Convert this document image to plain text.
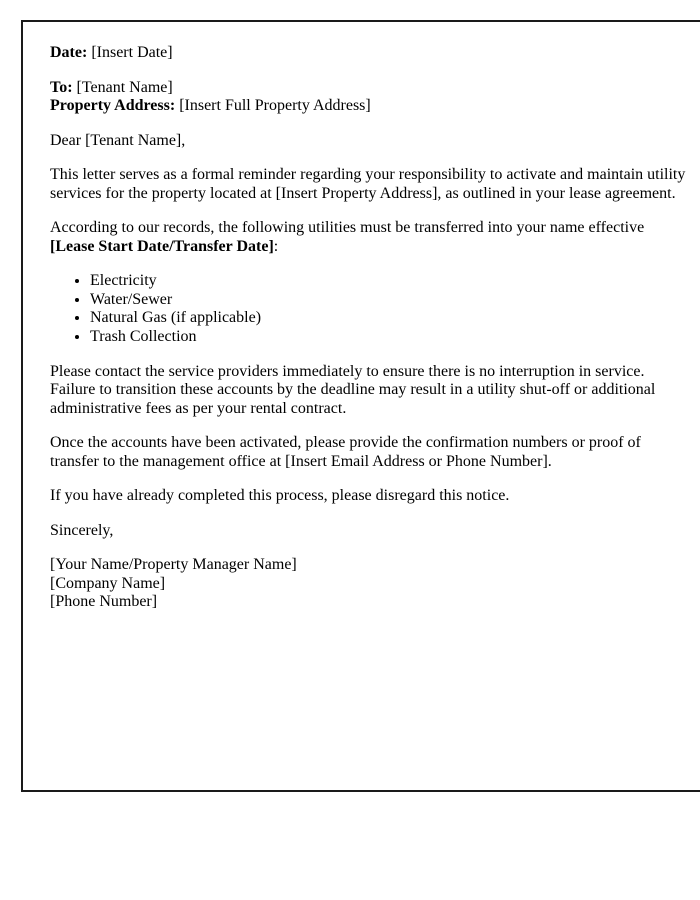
Date: [Insert Date]

To: [Tenant Name]
Property Address: [Insert Full Property Address]

Dear [Tenant Name],

This letter serves as a formal reminder regarding your responsibility to activate and maintain utility services for the property located at [Insert Property Address], as outlined in your lease agreement.

According to our records, the following utilities must be transferred into your name effective [Lease Start Date/Transfer Date]:

• Electricity
• Water/Sewer
• Natural Gas (if applicable)
• Trash Collection

Please contact the service providers immediately to ensure there is no interruption in service. Failure to transition these accounts by the deadline may result in a utility shut-off or additional administrative fees as per your rental contract.

Once the accounts have been activated, please provide the confirmation numbers or proof of transfer to the management office at [Insert Email Address or Phone Number].

If you have already completed this process, please disregard this notice.

Sincerely,

[Your Name/Property Manager Name]
[Company Name]
[Phone Number]
